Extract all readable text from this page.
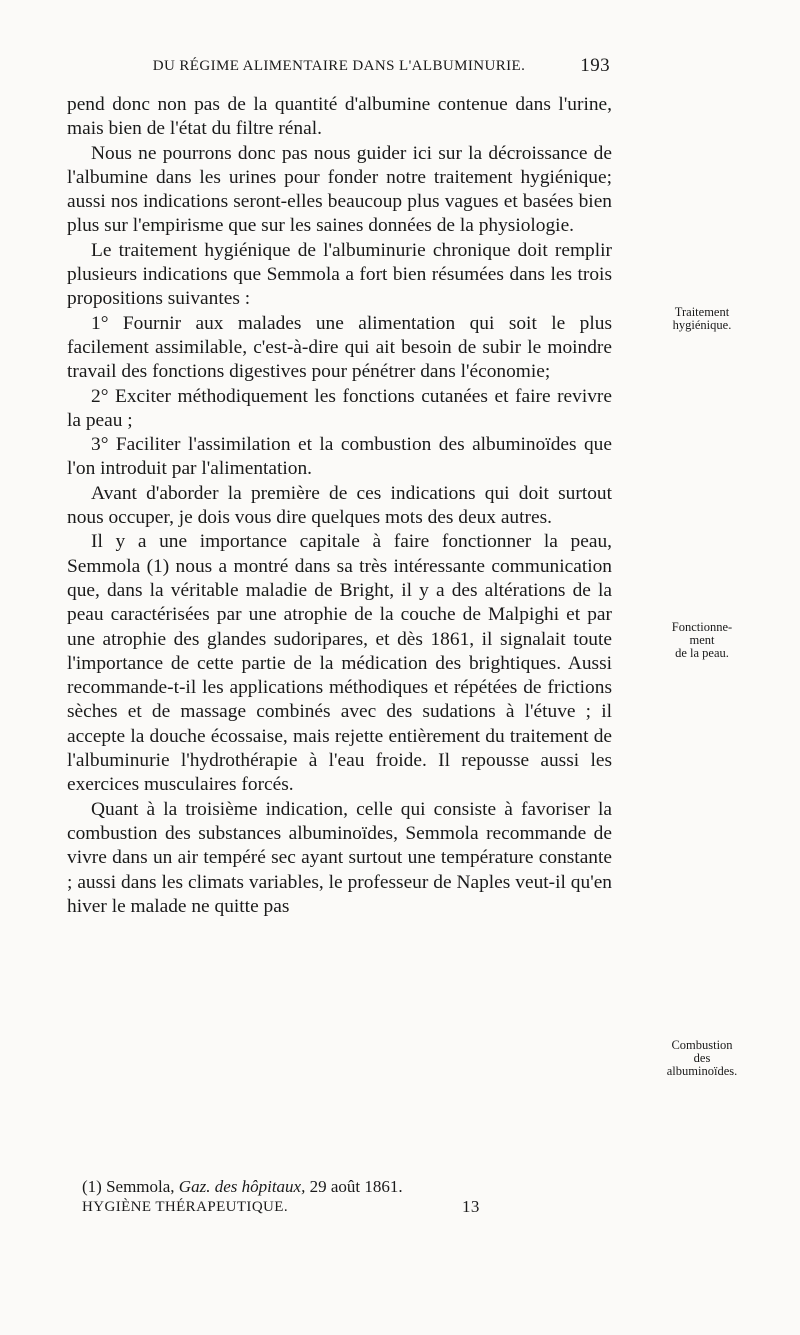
DU RÉGIME ALIMENTAIRE DANS L'ALBUMINURIE.	193

pend donc non pas de la quantité d'albumine contenue dans l'urine, mais bien de l'état du filtre rénal.

Nous ne pourrons donc pas nous guider ici sur la décroissance de l'albumine dans les urines pour fonder notre traitement hygiénique; aussi nos indications seront-elles beaucoup plus vagues et basées bien plus sur l'empirisme que sur les saines données de la physiologie.

Le traitement hygiénique de l'albuminurie chronique doit remplir plusieurs indications que Semmola a fort bien résumées dans les trois propositions suivantes :

1° Fournir aux malades une alimentation qui soit le plus facilement assimilable, c'est-à-dire qui ait besoin de subir le moindre travail des fonctions digestives pour pénétrer dans l'économie;

2° Exciter méthodiquement les fonctions cutanées et faire revivre la peau ;

3° Faciliter l'assimilation et la combustion des albuminoïdes que l'on introduit par l'alimentation.

Avant d'aborder la première de ces indications qui doit surtout nous occuper, je dois vous dire quelques mots des deux autres.

Il y a une importance capitale à faire fonctionner la peau, Semmola (1) nous a montré dans sa très intéressante communication que, dans la véritable maladie de Bright, il y a des altérations de la peau caractérisées par une atrophie de la couche de Malpighi et par une atrophie des glandes sudoripares, et dès 1861, il signalait toute l'importance de cette partie de la médication des brightiques. Aussi recommande-t-il les applications méthodiques et répétées de frictions sèches et de massage combinés avec des sudations à l'étuve ; il accepte la douche écossaise, mais rejette entièrement du traitement de l'albuminurie l'hydrothérapie à l'eau froide. Il repousse aussi les exercices musculaires forcés.

Quant à la troisième indication, celle qui consiste à favoriser la combustion des substances albuminoïdes, Semmola recommande de vivre dans un air tempéré sec ayant surtout une température constante ; aussi dans les climats variables, le professeur de Naples veut-il qu'en hiver le malade ne quitte pas

Traitement
hygiénique.
Fonctionne-
ment
de la peau.
Combustion
des
albuminoïdes.
(1) Semmola, Gaz. des hôpitaux, 29 août 1861.
HYGIÈNE THÉRAPEUTIQUE.	13
